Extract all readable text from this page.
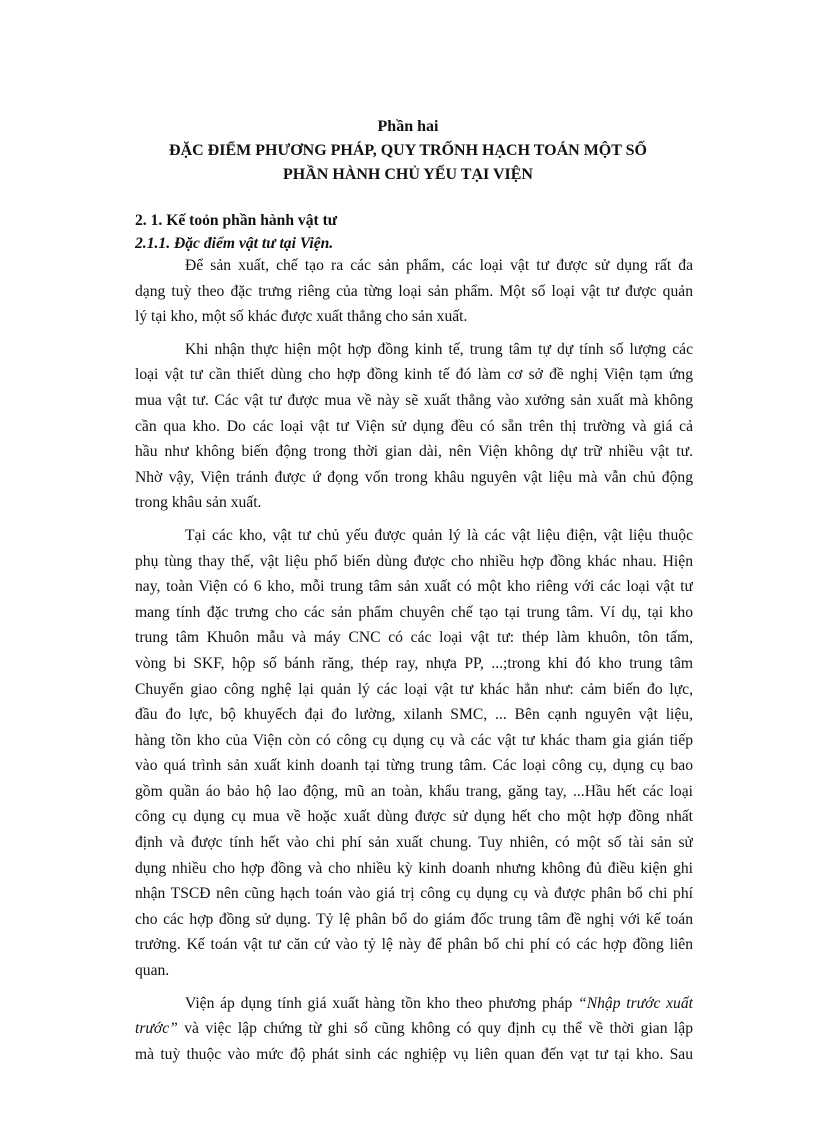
Phần hai
ĐẶC ĐIỂM PHƯƠNG PHÁP, QUY TRỐNH HẠCH TOÁN MỘT SỐ
PHẦN HÀNH CHỦ YẾU TẠI VIỆN
2. 1. Kế toỏn phần hành vật tư
2.1.1. Đặc điểm vật tư tại Viện.
Để sản xuất, chế tạo ra các sản phẩm, các loại vật tư được sử dụng rất đa
dạng tuỳ theo đặc trưng riêng của từng loại sản phẩm. Một số loại vật tư được quản
lý tại kho, một số khác được xuất thẳng cho sản xuất.
Khi nhận thực hiện một hợp đồng kinh tế, trung tâm tự dự tính số lượng các
loại vật tư cần thiết dùng cho hợp đồng kinh tế đó làm cơ sở đề nghị Viện tạm ứng
mua vật tư. Các vật tư được mua về này sẽ xuất thẳng vào xưởng sản xuất mà không
cần qua kho. Do các loại vật tư Viện sử dụng đều có sẵn trên thị trường và giá cả
hầu như không biến động trong thời gian dài, nên Viện không dự trữ nhiều vật tư.
Nhờ vậy, Viện tránh được ứ đọng vốn trong khâu nguyên vật liệu mà vẫn chủ động
trong khâu sản xuất.
Tại các kho, vật tư chủ yếu được quản lý là các vật liệu điện, vật liệu thuộc
phụ tùng thay thế, vật liệu phổ biến dùng được cho nhiều hợp đồng khác nhau. Hiện
nay, toàn Viện có 6 kho, mỗi trung tâm sản xuất có một kho riêng với các loại vật tư
mang tính đặc trưng cho các sản phẩm chuyên chế tạo tại trung tâm. Ví dụ, tại kho
trung tâm Khuôn mẫu và máy CNC có các loại vật tư: thép làm khuôn, tôn tấm,
vòng bi SKF, hộp số bánh răng, thép ray, nhựa PP, ...;trong khi đó kho trung tâm
Chuyển giao công nghệ lại quản lý các loại vật tư khác hẳn như: cảm biến đo lực,
đầu đo lực, bộ khuyếch đại đo lường, xilanh SMC, ... Bên cạnh nguyên vật liệu,
hàng tồn kho của Viện còn có công cụ dụng cụ và các vật tư khác tham gia gián tiếp
vào quá trình sản xuất kinh doanh tại từng trung tâm. Các loại công cụ, dụng cụ bao
gồm quần áo bảo hộ lao động, mũ an toàn, khẩu trang, găng tay, ...Hầu hết các loại
công cụ dụng cụ mua về hoặc xuất dùng được sử dụng hết cho một hợp đồng nhất
định và được tính hết vào chi phí sản xuất chung. Tuy nhiên, có một số tài sản sử
dụng nhiều cho hợp đồng và cho nhiều kỳ kinh doanh nhưng không đủ điều kiện ghi
nhận TSCĐ nên cũng hạch toán vào giá trị công cụ dụng cụ và được phân bổ chi phí
cho các hợp đồng sử dụng. Tỷ lệ phân bổ do giám đốc trung tâm đề nghị với kế toán
trưởng. Kế toán vật tư căn cứ vào tỷ lệ này để phân bổ chi phí có các hợp đồng liên
quan.
Viện áp dụng tính giá xuất hàng tồn kho theo phương pháp “Nhập trước xuất
trước” và việc lập chứng từ ghi sổ cũng không có quy định cụ thể về thời gian lập
mà tuỳ thuộc vào mức độ phát sinh các nghiệp vụ liên quan đến vạt tư tại kho. Sau
